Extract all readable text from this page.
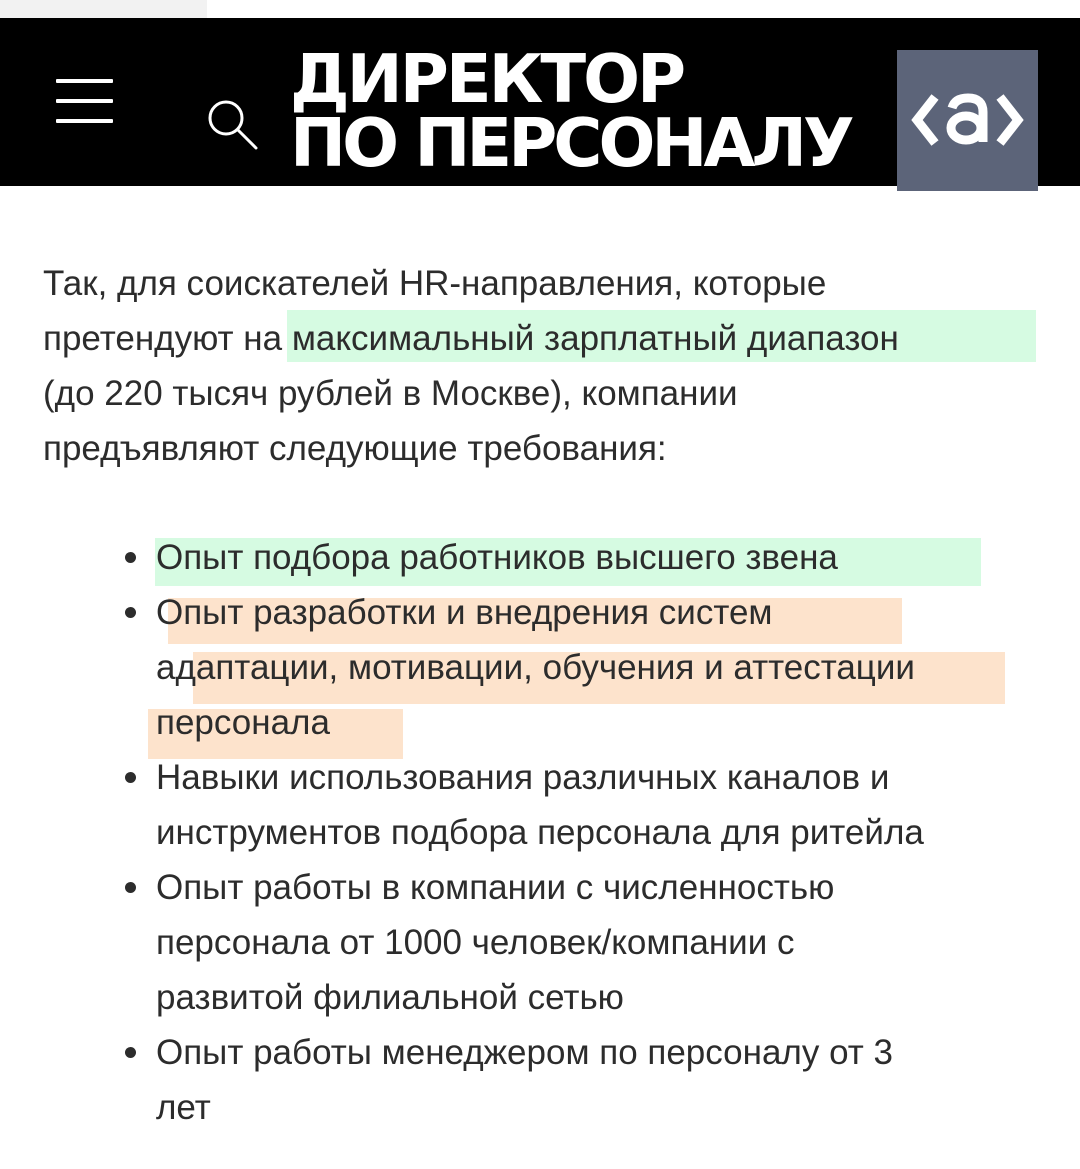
ДИРЕКТОР
ПО ПЕРСОНАЛУ
Так, для соискателей HR-направления, которые
претендуют на максимальный зарплатный диапазон
(до 220 тысяч рублей в Москве), компании
предъявляют следующие требования:
Опыт подбора работников высшего звена
Опыт разработки и внедрения систем
адаптации, мотивации, обучения и аттестации
персонала
Навыки использования различных каналов и
инструментов подбора персонала для ритейла
Опыт работы в компании с численностью
персонала от 1000 человек/компании с
развитой филиальной сетью
Опыт работы менеджером по персоналу от 3
лет
